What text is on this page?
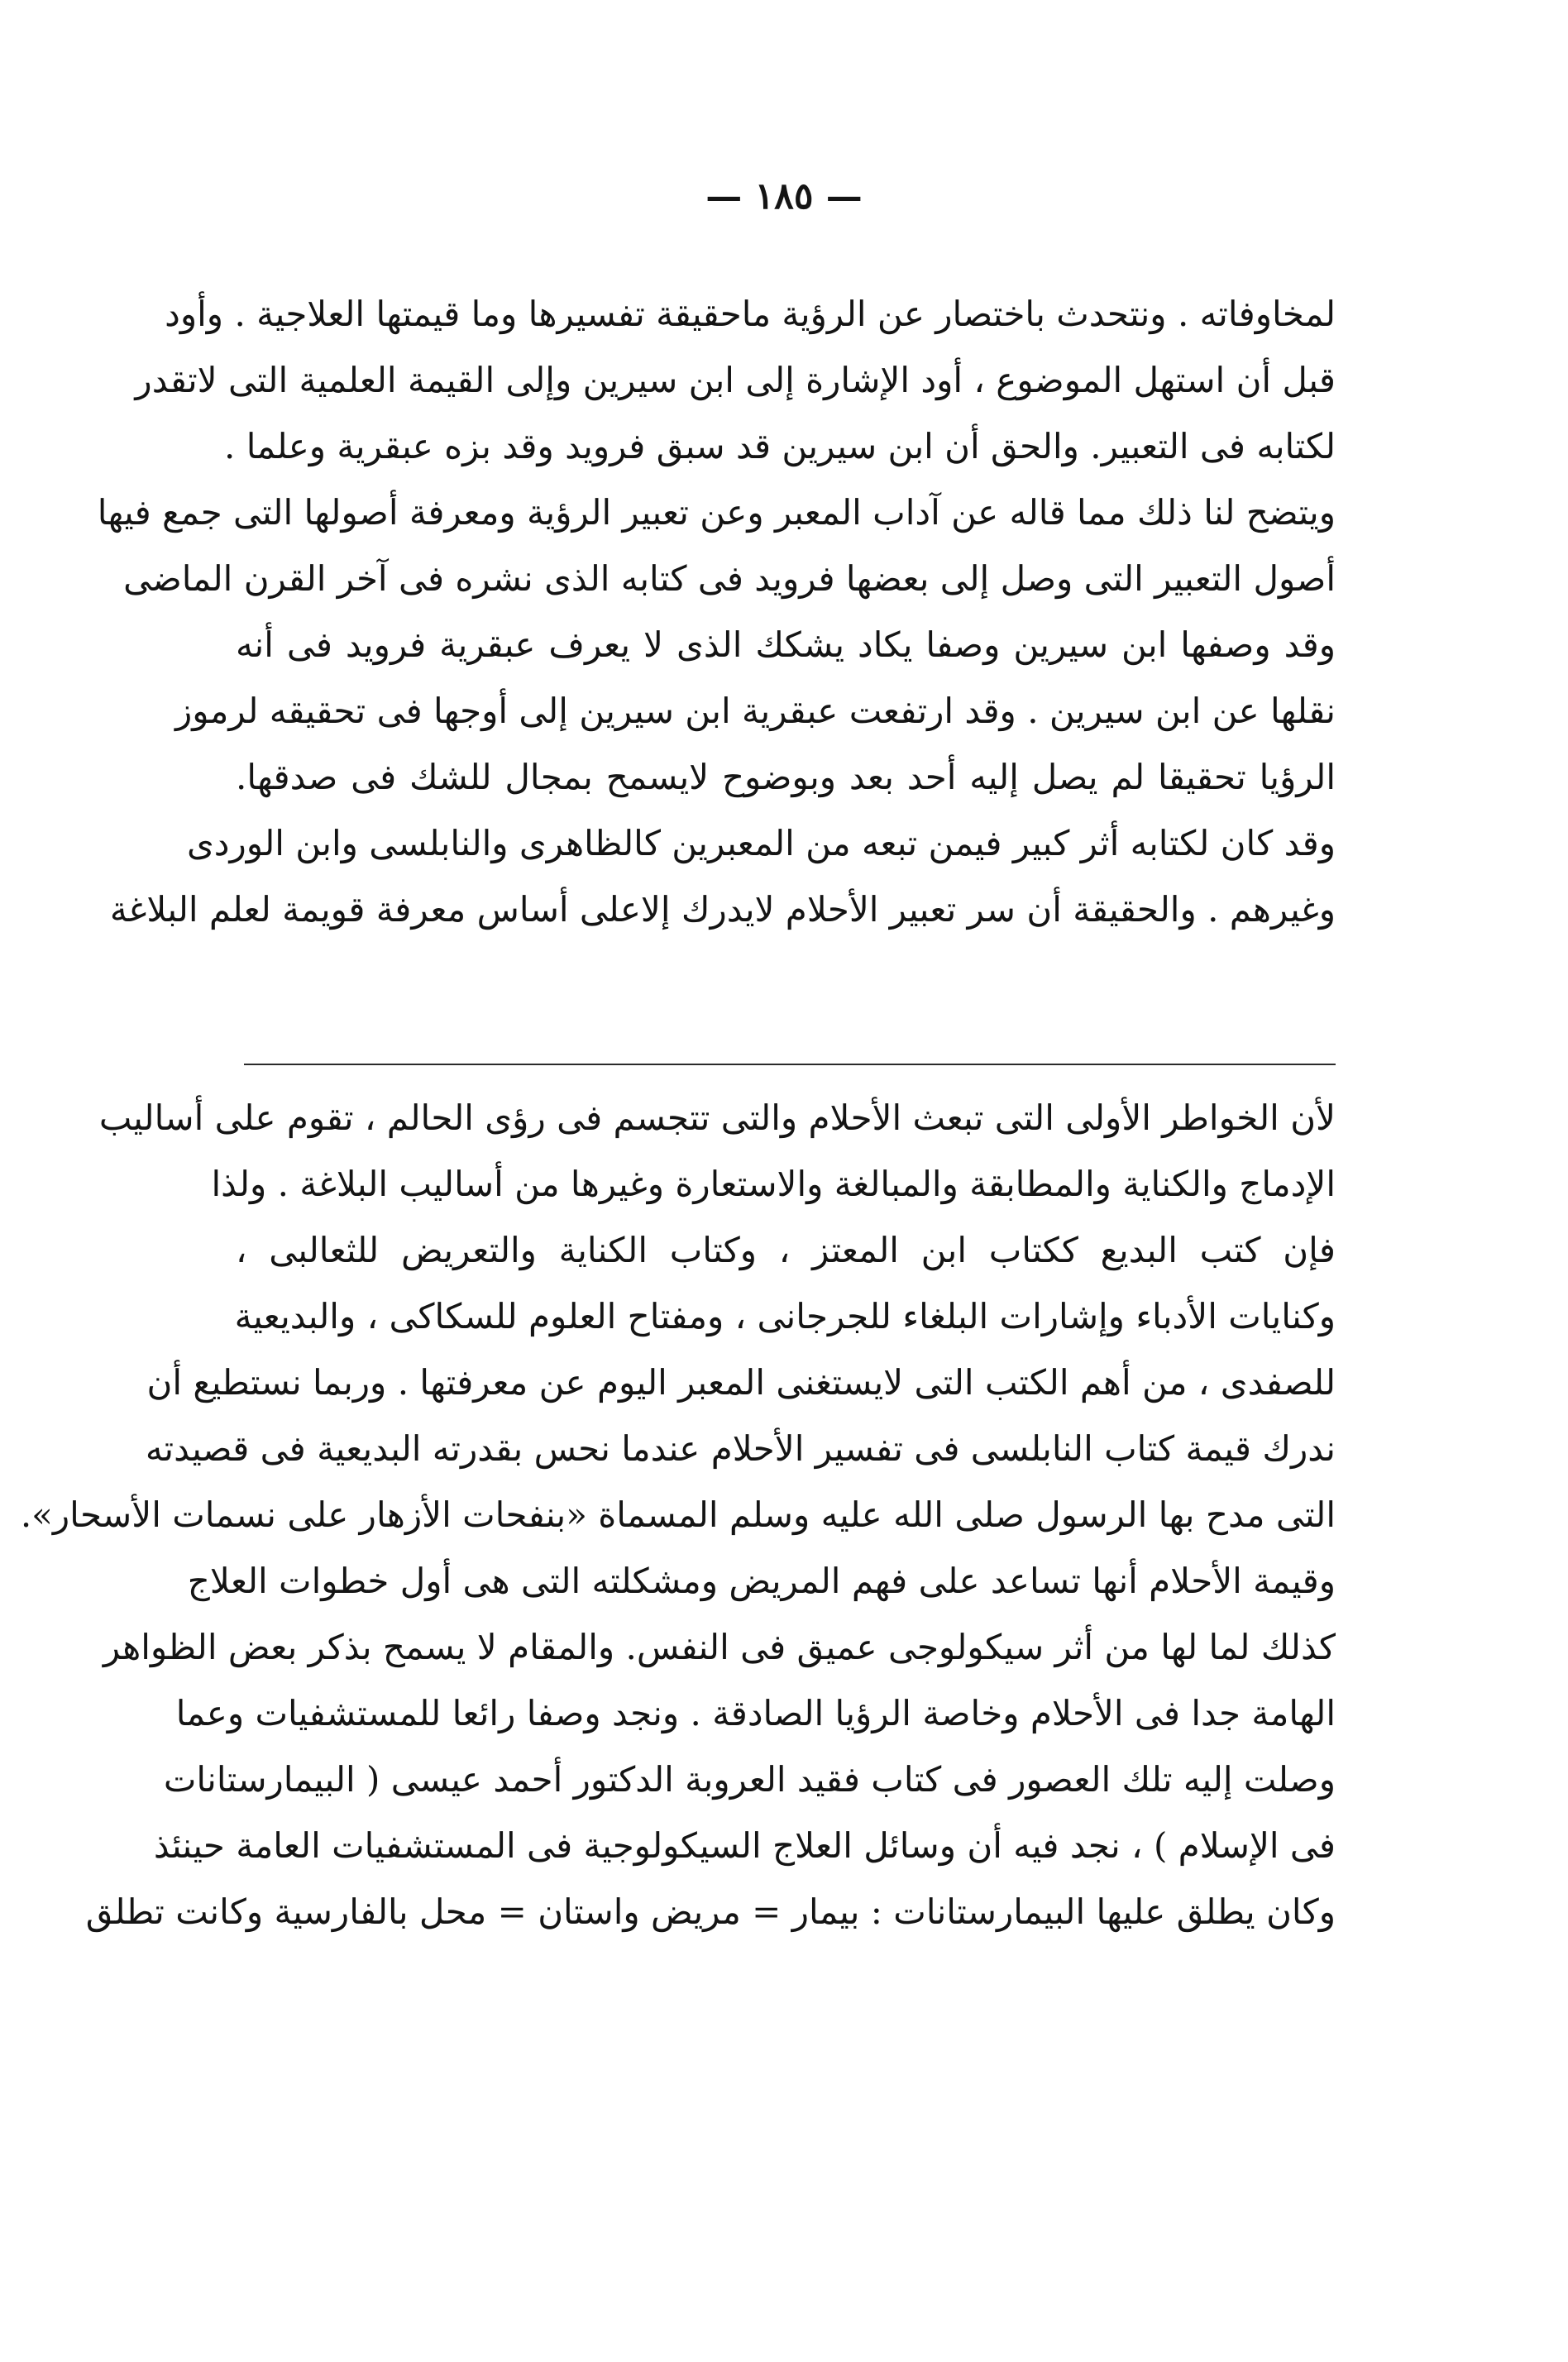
— ١٨٥ —
لمخاوفاته . ونتحدث باختصار عن الرؤية ماحقيقة تفسيرها وما قيمتها العلاجية . وأود
قبل أن استهل الموضوع ، أود الإشارة إلى ابن سيرين وإلى القيمة العلمية التى لاتقدر
لكتابه فى التعبير. والحق أن ابن سيرين قد سبق فرويد وقد بزه عبقرية وعلما .
ويتضح لنا ذلك مما قاله عن آداب المعبر وعن تعبير الرؤية ومعرفة أصولها التى جمع فيها
أصول التعبير التى وصل إلى بعضها فرويد فى كتابه الذى نشره فى آخر القرن الماضى
وقد وصفها ابن سيرين وصفا يكاد يشكك الذى لا يعرف عبقرية فرويد فى أنه
نقلها عن ابن سيرين . وقد ارتفعت عبقرية ابن سيرين إلى أوجها فى تحقيقه لرموز
الرؤيا تحقيقا لم يصل إليه أحد بعد وبوضوح لايسمح بمجال للشك فى صدقها.
وقد كان لكتابه أثر كبير فيمن تبعه من المعبرين كالظاهرى والنابلسى وابن الوردى
وغيرهم . والحقيقة أن سر تعبير الأحلام لايدرك إلاعلى أساس معرفة قويمة لعلم البلاغة
لأن الخواطر الأولى التى تبعث الأحلام والتى تتجسم فى رؤى الحالم ، تقوم على أساليب
الإدماج والكناية والمطابقة والمبالغة والاستعارة وغيرها من أساليب البلاغة . ولذا
فإن كتب البديع ككتاب ابن المعتز ، وكتاب الكناية والتعريض للثعالبى ،
وكنايات الأدباء وإشارات البلغاء للجرجانى ، ومفتاح العلوم للسكاكى ، والبديعية
للصفدى ، من أهم الكتب التى لايستغنى المعبر اليوم عن معرفتها . وربما نستطيع أن
ندرك قيمة كتاب النابلسى فى تفسير الأحلام عندما نحس بقدرته البديعية فى قصيدته
التى مدح بها الرسول صلى الله عليه وسلم المسماة «بنفحات الأزهار على نسمات الأسحار».
وقيمة الأحلام أنها تساعد على فهم المريض ومشكلته التى هى أول خطوات العلاج
كذلك لما لها من أثر سيكولوجى عميق فى النفس. والمقام لا يسمح بذكر بعض الظواهر
الهامة جدا فى الأحلام وخاصة الرؤيا الصادقة . ونجد وصفا رائعا للمستشفيات وعما
وصلت إليه تلك العصور فى كتاب فقيد العروبة الدكتور أحمد عيسى ( البيمارستانات
فى الإسلام ) ، نجد فيه أن وسائل العلاج السيكولوجية فى المستشفيات العامة حينئذ
وكان يطلق عليها البيمارستانات : بيمار = مريض واستان = محل بالفارسية وكانت تطلق
